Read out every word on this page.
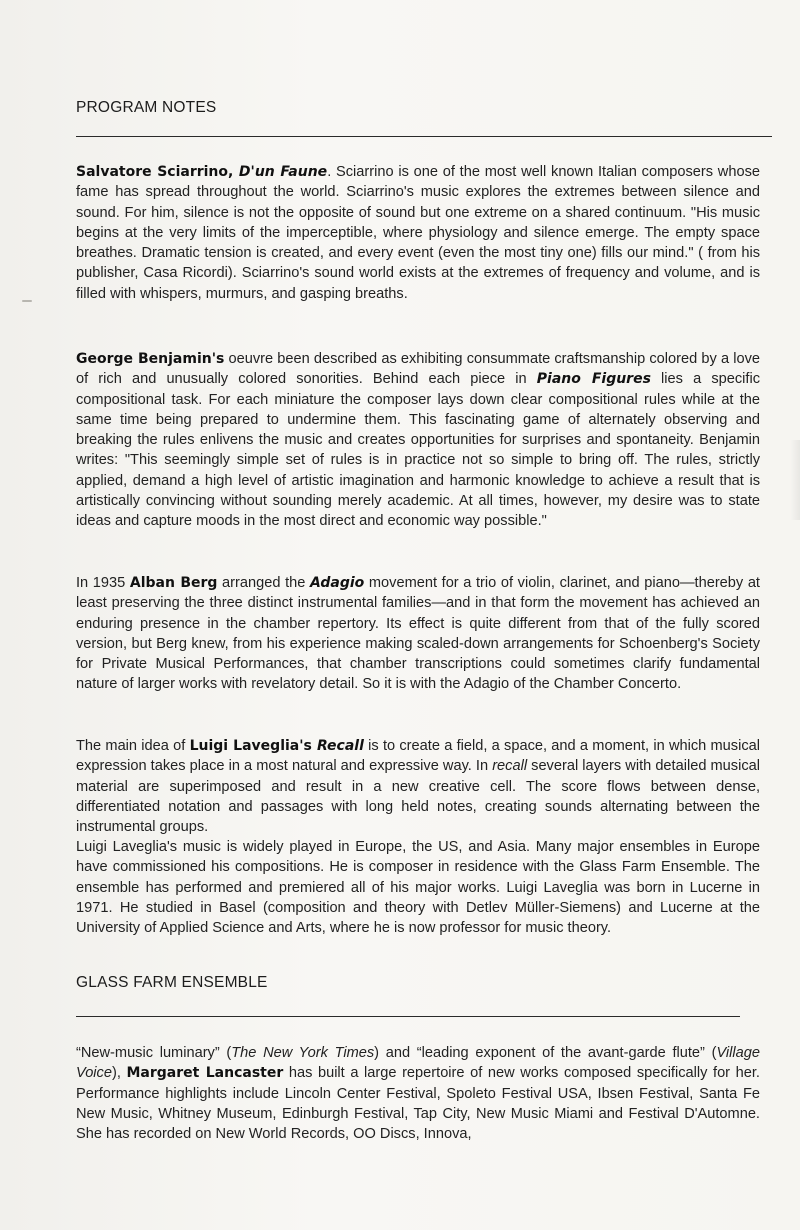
PROGRAM NOTES

Salvatore Sciarrino, D'un Faune. Sciarrino is one of the most well known Italian composers whose fame has spread throughout the world. Sciarrino's music explores the extremes between silence and sound. For him, silence is not the opposite of sound but one extreme on a shared continuum. "His music begins at the very limits of the imperceptible, where physiology and silence emerge. The empty space breathes. Dramatic tension is created, and every event (even the most tiny one) fills our mind." ( from his publisher, Casa Ricordi). Sciarrino's sound world exists at the extremes of frequency and volume, and is filled with whispers, murmurs, and gasping breaths.

George Benjamin's oeuvre been described as exhibiting consummate craftsmanship colored by a love of rich and unusually colored sonorities. Behind each piece in Piano Figures lies a specific compositional task. For each miniature the composer lays down clear compositional rules while at the same time being prepared to undermine them. This fascinating game of alternately observing and breaking the rules enlivens the music and creates opportunities for surprises and spontaneity. Benjamin writes: "This seemingly simple set of rules is in practice not so simple to bring off. The rules, strictly applied, demand a high level of artistic imagination and harmonic knowledge to achieve a result that is artistically convincing without sounding merely academic. At all times, however, my desire was to state ideas and capture moods in the most direct and economic way possible."

In 1935 Alban Berg arranged the Adagio movement for a trio of violin, clarinet, and piano—thereby at least preserving the three distinct instrumental families—and in that form the movement has achieved an enduring presence in the chamber repertory. Its effect is quite different from that of the fully scored version, but Berg knew, from his experience making scaled-down arrangements for Schoenberg's Society for Private Musical Performances, that chamber transcriptions could sometimes clarify fundamental nature of larger works with revelatory detail. So it is with the Adagio of the Chamber Concerto.

The main idea of Luigi Laveglia's Recall is to create a field, a space, and a moment, in which musical expression takes place in a most natural and expressive way. In recall several layers with detailed musical material are superimposed and result in a new creative cell. The score flows between dense, differentiated notation and passages with long held notes, creating sounds alternating between the instrumental groups.

Luigi Laveglia's music is widely played in Europe, the US, and Asia. Many major ensembles in Europe have commissioned his compositions. He is composer in residence with the Glass Farm Ensemble. The ensemble has performed and premiered all of his major works. Luigi Laveglia was born in Lucerne in 1971. He studied in Basel (composition and theory with Detlev Müller-Siemens) and Lucerne at the University of Applied Science and Arts, where he is now professor for music theory.

GLASS FARM ENSEMBLE

“New-music luminary” (The New York Times) and “leading exponent of the avant-garde flute” (Village Voice), Margaret Lancaster has built a large repertoire of new works composed specifically for her. Performance highlights include Lincoln Center Festival, Spoleto Festival USA, Ibsen Festival, Santa Fe New Music, Whitney Museum, Edinburgh Festival, Tap City, New Music Miami and Festival D'Automne. She has recorded on New World Records, OO Discs, Innova,
